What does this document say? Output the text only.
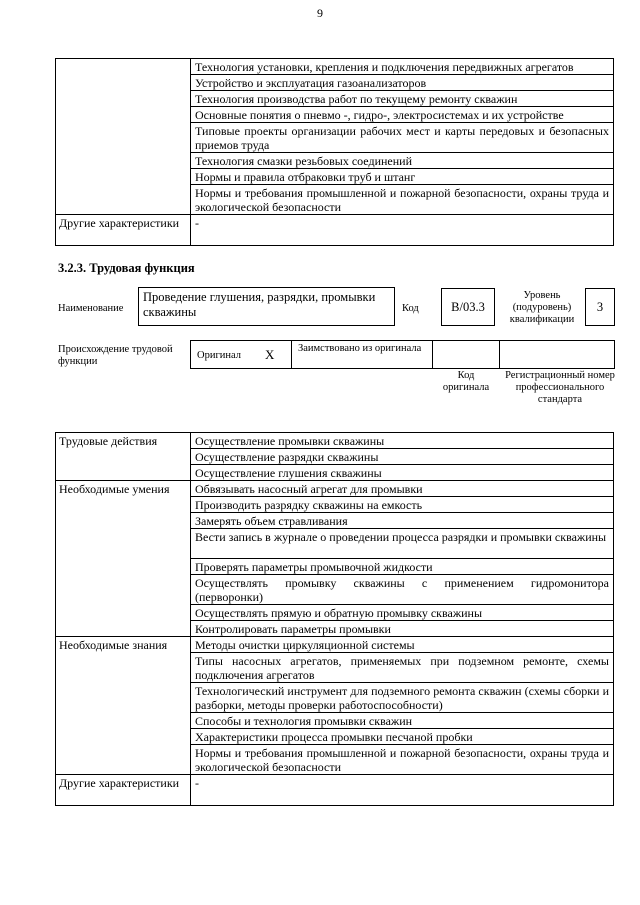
9
	Технология установки, крепления и подключения передвижных агрегатов
	Устройство и эксплуатация газоанализаторов
	Технология производства работ по текущему ремонту скважин
	Основные понятия о пневмо -, гидро-, электросистемах и их устройстве
	Типовые проекты организации рабочих мест и карты передовых и безопасных приемов труда
	Технология смазки резьбовых соединений
	Нормы и правила отбраковки труб и штанг
	Нормы и требования промышленной и пожарной безопасности, охраны труда и экологической безопасности
Другие характеристики	-
3.2.3. Трудовая функция
Наименование
Проведение глушения, разрядки, промывки скважины	Код	В/03.3
Уровень (подуровень) квалификации
3
Происхождение трудовой функции
Оригинал X Заимствовано из оригинала
Код оригинала
Регистрационный номер профессионального стандарта
Трудовые действия	Осуществление промывки скважины
	Осуществление разрядки скважины
	Осуществление глушения скважины
Необходимые умения	Обвязывать насосный агрегат для промывки
	Производить разрядку скважины на емкость
	Замерять объем стравливания
	Вести запись в журнале о проведении процесса разрядки и промывки скважины
	Проверять параметры промывочной жидкости
	Осуществлять промывку скважины с применением гидромонитора (перворонки)
	Осуществлять прямую и обратную промывку скважины
	Контролировать параметры промывки
Необходимые знания	Методы очистки циркуляционной системы
	Типы насосных агрегатов, применяемых при подземном ремонте, схемы подключения агрегатов
	Технологический инструмент для подземного ремонта скважин (схемы сборки и разборки, методы проверки работоспособности)
	Способы и технология промывки скважин
	Характеристики процесса промывки песчаной пробки
	Нормы и требования промышленной и пожарной безопасности, охраны труда и экологической безопасности
Другие характеристики	-
